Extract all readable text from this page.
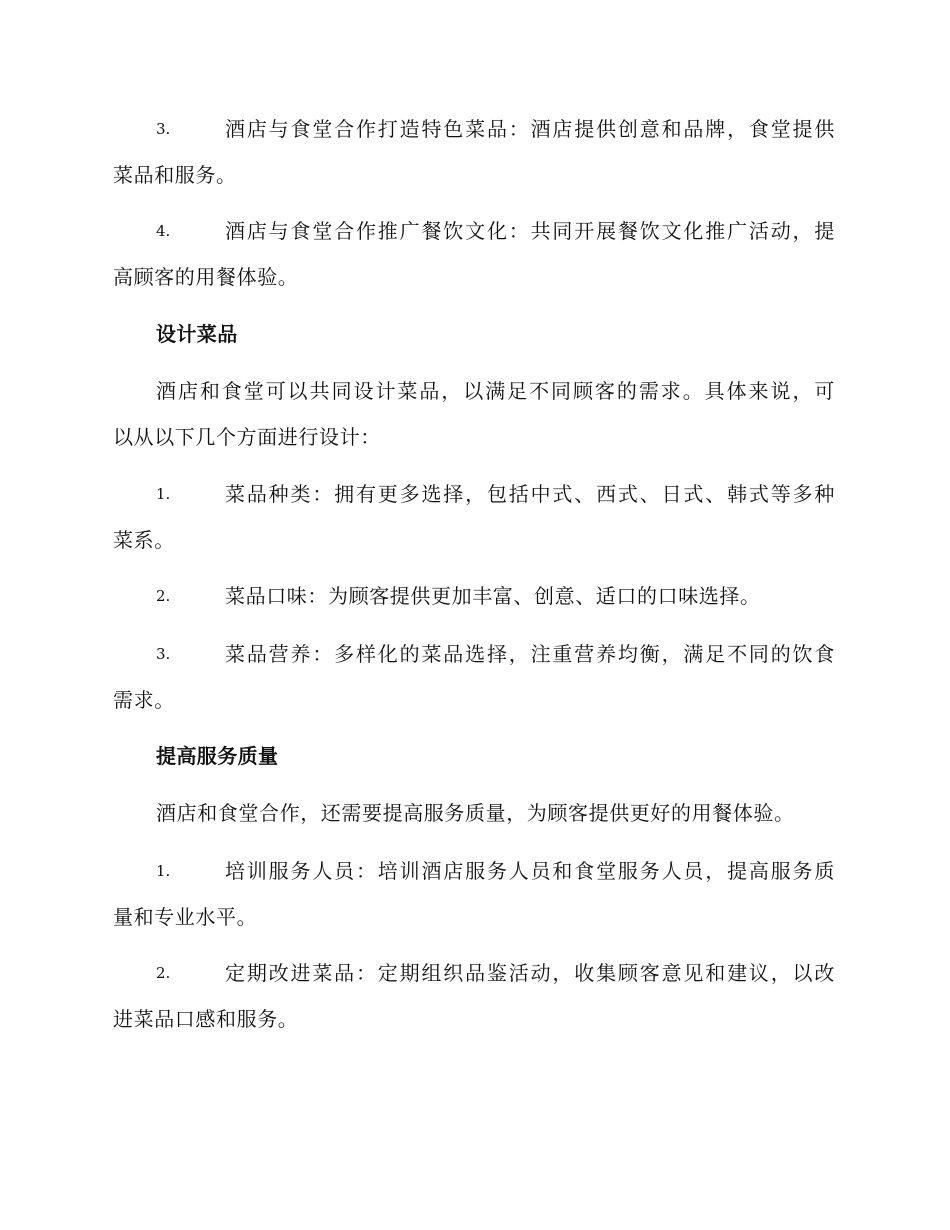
3.	酒店与食堂合作打造特色菜品：酒店提供创意和品牌，食堂提供
菜品和服务。
4.	酒店与食堂合作推广餐饮文化：共同开展餐饮文化推广活动，提
高顾客的用餐体验。
设计菜品
酒店和食堂可以共同设计菜品，以满足不同顾客的需求。具体来说，可
以从以下几个方面进行设计：
1.	菜品种类：拥有更多选择，包括中式、西式、日式、韩式等多种
菜系。
2.	菜品口味：为顾客提供更加丰富、创意、适口的口味选择。
3.	菜品营养：多样化的菜品选择，注重营养均衡，满足不同的饮食
需求。
提高服务质量
酒店和食堂合作，还需要提高服务质量，为顾客提供更好的用餐体验。
1.	培训服务人员：培训酒店服务人员和食堂服务人员，提高服务质
量和专业水平。
2.	定期改进菜品：定期组织品鉴活动，收集顾客意见和建议，以改
进菜品口感和服务。
